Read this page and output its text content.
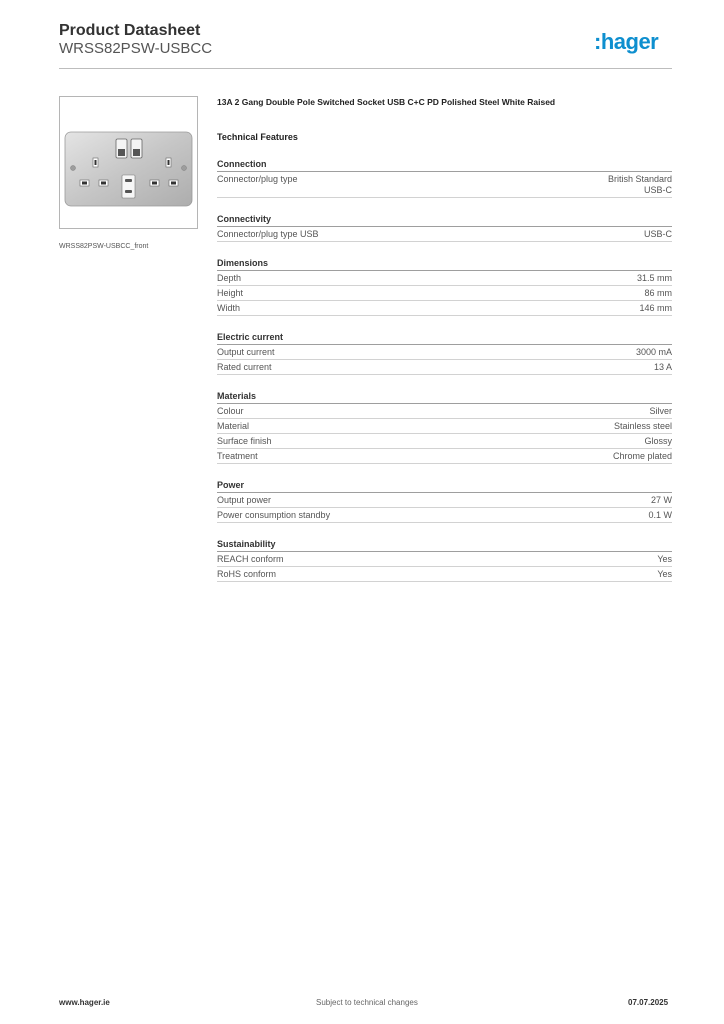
Product Datasheet
WRSS82PSW-USBCC	:hager
WRSS82PSW-USBCC_front
13A 2 Gang Double Pole Switched Socket USB C+C PD Polished Steel White Raised
Technical Features
Connection
Connector/plug type	British Standard
USB-C
Connectivity
Connector/plug type USB	USB-C
Dimensions
Depth	31.5 mm
Height	86 mm
Width	146 mm
Electric current
Output current	3000 mA
Rated current	13 A
Materials
Colour	Silver
Material	Stainless steel
Surface finish	Glossy
Treatment	Chrome plated
Power
Output power	27 W
Power consumption standby	0.1 W
Sustainability
REACH conform	Yes
RoHS conform	Yes
www.hager.ie	Subject to technical changes	07.07.2025
